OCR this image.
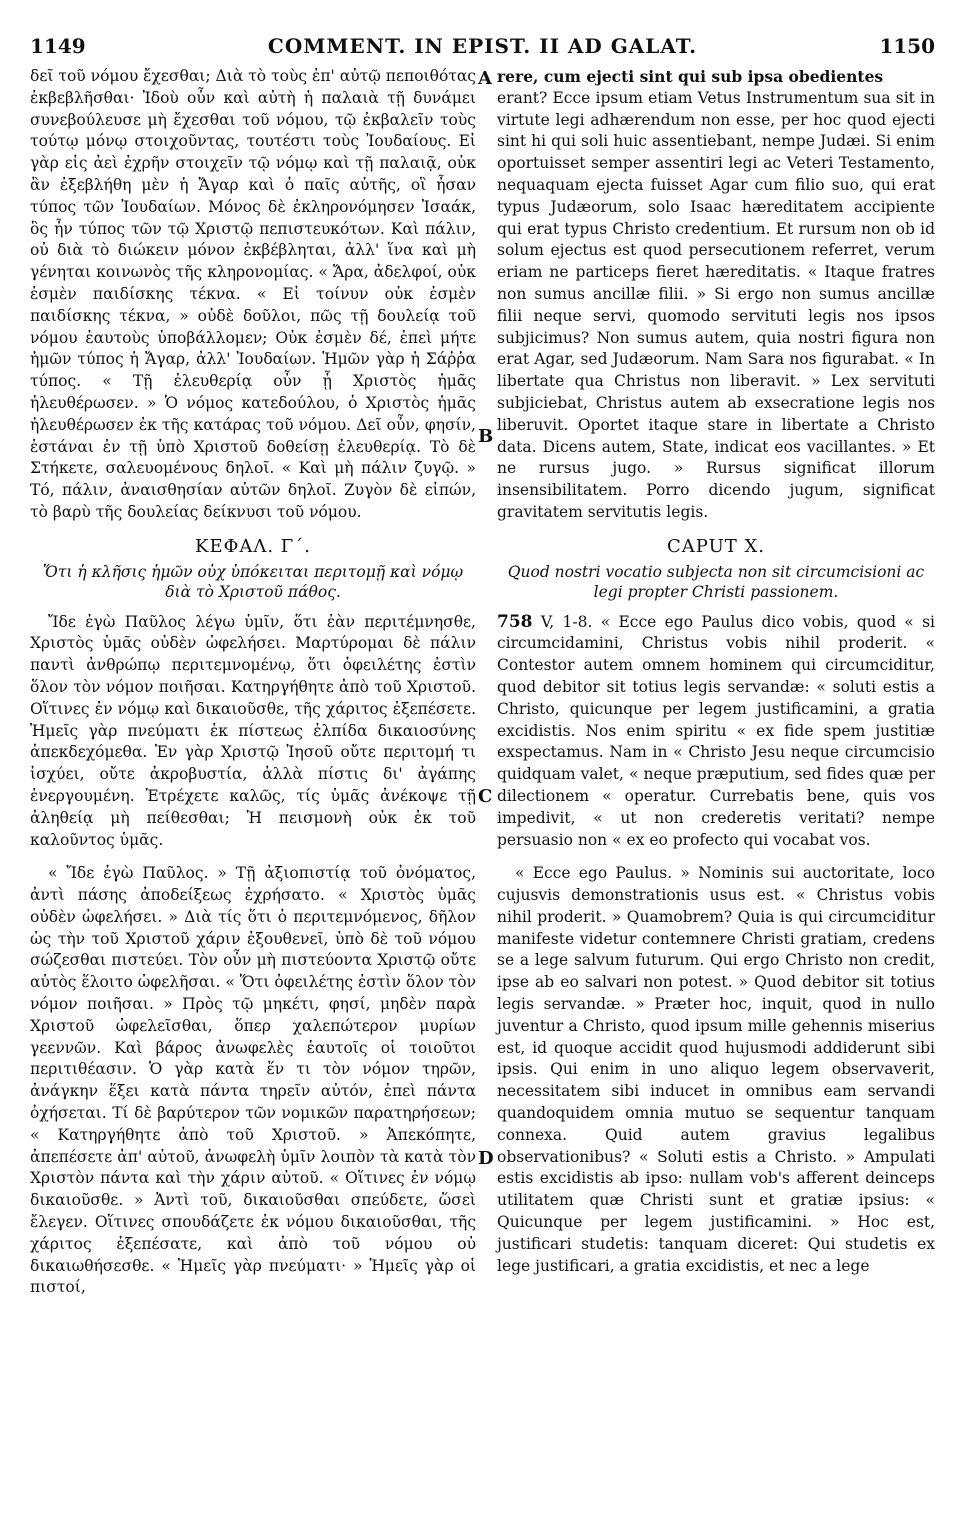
1149	COMMENT. IN EPIST. II AD GALAT.	1150

δεῖ τοῦ νόμου ἔχεσθαι; Διὰ τὸ τοὺς ἐπ' αὐτῷ πεποιθότας ἐκβεβλῆσθαι· Ἰδοὺ οὖν καὶ αὐτὴ ἡ παλαιὰ τῇ δυνάμει συνεβούλευσε μὴ ἔχεσθαι τοῦ νόμου, τῷ ἐκβαλεῖν τοὺς τούτῳ μόνῳ στοιχοῦντας, τουτέστι τοὺς Ἰουδαίους. Εἰ γὰρ εἰς ἀεὶ ἐχρῆν στοιχεῖν τῷ νόμῳ καὶ τῇ παλαιᾷ, οὐκ ἂν ἐξεβλήθη μὲν ἡ Ἄγαρ καὶ ὁ παῖς αὐτῆς, οἳ ἦσαν τύπος τῶν Ἰουδαίων. Μόνος δὲ ἐκληρονόμησεν Ἰσαάκ, ὃς ἦν τύπος τῶν τῷ Χριστῷ πεπιστευκότων. Καὶ πάλιν, οὐ διὰ τὸ διώκειν μόνον ἐκβέβληται, ἀλλ' ἵνα καὶ μὴ γένηται κοινωνὸς τῆς κληρονομίας. « Ἄρα, ἀδελφοί, οὐκ ἐσμὲν παιδίσκης τέκνα. « Εἰ τοίνυν οὐκ ἐσμὲν παιδίσκης τέκνα, » οὐδὲ δοῦλοι, πῶς τῇ δουλείᾳ τοῦ νόμου ἑαυτοὺς ὑποβάλλομεν; Οὐκ ἐσμὲν δέ, ἐπεὶ μήτε ἡμῶν τύπος ἡ Ἄγαρ, ἀλλ' Ἰουδαίων. Ἡμῶν γὰρ ἡ Σάῤῥα τύπος. « Τῇ ἐλευθερίᾳ οὖν ᾗ Χριστὸς ἡμᾶς ἠλευθέρωσεν. » Ὁ νόμος κατεδούλου, ὁ Χριστὸς ἡμᾶς ἠλευθέρωσεν ἐκ τῆς κατάρας τοῦ νόμου. Δεῖ οὖν, φησίν, ἑστάναι ἐν τῇ ὑπὸ Χριστοῦ δοθείσῃ ἐλευθερίᾳ. Τὸ δὲ Στήκετε, σαλευομένους δηλοῖ. « Καὶ μὴ πάλιν ζυγῷ. » Τό, πάλιν, ἀναισθησίαν αὐτῶν δηλοῖ. Ζυγὸν δὲ εἰπών, τὸ βαρὺ τῆς δουλείας δείκνυσι τοῦ νόμου.

ΚΕΦΑΛ. Γ΄.

Ὅτι ἡ κλῆσις ἡμῶν οὐχ ὑπόκειται περιτομῇ καὶ νόμῳ διὰ τὸ Χριστοῦ πάθος.

Ἴδε ἐγὼ Παῦλος λέγω ὑμῖν, ὅτι ἐὰν περιτέμνησθε, Χριστὸς ὑμᾶς οὐδὲν ὠφελήσει. Μαρτύρομαι δὲ πάλιν παντὶ ἀνθρώπῳ περιτεμνομένῳ, ὅτι ὀφειλέτης ἐστὶν ὅλον τὸν νόμον ποιῆσαι. Κατηργήθητε ἀπὸ τοῦ Χριστοῦ. Οἵτινες ἐν νόμῳ καὶ δικαιοῦσθε, τῆς χάριτος ἐξεπέσετε. Ἡμεῖς γὰρ πνεύματι ἐκ πίστεως ἐλπίδα δικαιοσύνης ἀπεκδεχόμεθα. Ἐν γὰρ Χριστῷ Ἰησοῦ οὔτε περιτομή τι ἰσχύει, οὔτε ἀκροβυστία, ἀλλὰ πίστις δι' ἀγάπης ἐνεργουμένη. Ἐτρέχετε καλῶς, τίς ὑμᾶς ἀνέκοψε τῇ ἀληθείᾳ μὴ πείθεσθαι; Ἡ πεισμονὴ οὐκ ἐκ τοῦ καλοῦντος ὑμᾶς.

« Ἴδε ἐγὼ Παῦλος. » Τῇ ἀξιοπιστίᾳ τοῦ ὀνόματος, ἀντὶ πάσης ἀποδείξεως ἐχρήσατο. « Χριστὸς ὑμᾶς οὐδὲν ὠφελήσει. » Διὰ τίς ὅτι ὁ περιτεμνόμενος, δῆλον ὡς τὴν τοῦ Χριστοῦ χάριν ἐξουθενεῖ, ὑπὸ δὲ τοῦ νόμου σώζεσθαι πιστεύει. Τὸν οὖν μὴ πιστεύοντα Χριστῷ οὔτε αὐτὸς ἕλοιτο ὠφελῆσαι. « Ὅτι ὀφειλέτης ἐστὶν ὅλον τὸν νόμον ποιῆσαι. » Πρὸς τῷ μηκέτι, φησί, μηδὲν παρὰ Χριστοῦ ὠφελεῖσθαι, ὅπερ χαλεπώτερον μυρίων γεεννῶν. Καὶ βάρος ἀνωφελὲς ἑαυτοῖς οἱ τοιοῦτοι περιτιθέασιν. Ὁ γὰρ κατὰ ἕν τι τὸν νόμον τηρῶν, ἀνάγκην ἕξει κατὰ πάντα τηρεῖν αὐτόν, ἐπεὶ πάντα ὀχήσεται. Τί δὲ βαρύτερον τῶν νομικῶν παρατηρήσεων; « Κατηργήθητε ἀπὸ τοῦ Χριστοῦ. » Ἀπεκόπητε, ἀπεπέσετε ἀπ' αὐτοῦ, ἀνωφελὴ ὑμῖν λοιπὸν τὰ κατὰ τὸν Χριστὸν πάντα καὶ τὴν χάριν αὐτοῦ. « Οἵτινες ἐν νόμῳ δικαιοῦσθε. » Ἀντὶ τοῦ, δικαιοῦσθαι σπεύδετε, ὥσεὶ ἔλεγεν. Οἵτινες σπουδάζετε ἐκ νόμου δικαιοῦσθαι, τῆς χάριτος ἐξεπέσατε, καὶ ἀπὸ τοῦ νόμου οὐ δικαιωθήσεσθε. « Ἡμεῖς γὰρ πνεύματι· » Ἡμεῖς γὰρ οἱ πιστοί,

A
B
C
D

rere, cum ejecti sint qui sub ipsa obedientes

erant? Ecce ipsum etiam Vetus Instrumentum sua sit in virtute legi adhærendum non esse, per hoc quod ejecti sint hi qui soli huic assentiebant, nempe Judæi. Si enim oportuisset semper assentiri legi ac Veteri Testamento, nequaquam ejecta fuisset Agar cum filio suo, qui erat typus Judæorum, solo Isaac hæreditatem accipiente qui erat typus Christo credentium. Et rursum non ob id solum ejectus est quod persecutionem referret, verum eriam ne particeps fieret hæreditatis. « Itaque fratres non sumus ancillæ filii. » Si ergo non sumus ancillæ filii neque servi, quomodo servituti legis nos ipsos subjicimus? Non sumus autem, quia nostri figura non erat Agar, sed Judæorum. Nam Sara nos figurabat. « In libertate qua Christus non liberavit. » Lex servituti subjiciebat, Christus autem ab exsecratione legis nos liberuvit. Oportet itaque stare in libertate a Christo data. Dicens autem, State, indicat eos vacillantes. » Et ne rursus jugo. » Rursus significat illorum insensibilitatem. Porro dicendo jugum, significat gravitatem servitutis legis.

CAPUT X.

Quod nostri vocatio subjecta non sit circumcisioni ac legi propter Christi passionem.

758 V, 1-8. « Ecce ego Paulus dico vobis, quod « si circumcidamini, Christus vobis nihil proderit. « Contestor autem omnem hominem qui circumciditur, quod debitor sit totius legis servandæ: « soluti estis a Christo, quicunque per legem justificamini, a gratia excidistis. Nos enim spiritu « ex fide spem justitiæ exspectamus. Nam in « Christo Jesu neque circumcisio quidquam valet, « neque præputium, sed fides quæ per dilectionem « operatur. Currebatis bene, quis vos impedivit, « ut non crederetis veritati? nempe persuasio non « ex eo profecto qui vocabat vos.

« Ecce ego Paulus. » Nominis sui auctoritate, loco cujusvis demonstrationis usus est. « Christus vobis nihil proderit. » Quamobrem? Quia is qui circumciditur manifeste videtur contemnere Christi gratiam, credens se a lege salvum futurum. Qui ergo Christo non credit, ipse ab eo salvari non potest. » Quod debitor sit totius legis servandæ. » Præter hoc, inquit, quod in nullo juventur a Christo, quod ipsum mille gehennis miserius est, id quoque accidit quod hujusmodi addiderunt sibi ipsis. Qui enim in uno aliquo legem observaverit, necessitatem sibi inducet in omnibus eam servandi quandoquidem omnia mutuo se sequentur tanquam connexa. Quid autem gravius legalibus observationibus? « Soluti estis a Christo. » Ampulati estis excidistis ab ipso: nullam vob's afferent deinceps utilitatem quæ Christi sunt et gratiæ ipsius: « Quicunque per legem justificamini. » Hoc est, justificari studetis: tanquam diceret: Qui studetis ex lege justificari, a gratia excidistis, et nec a lege
